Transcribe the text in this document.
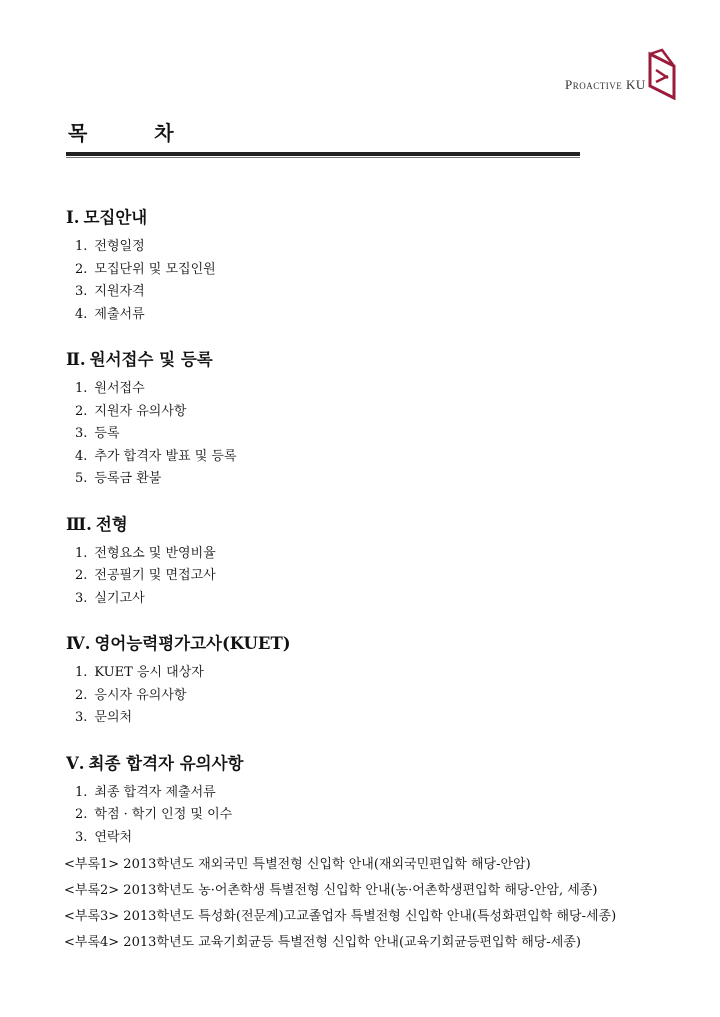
Proactive KU
목 차
Ⅰ. 모집안내
1. 전형일정
2. 모집단위 및 모집인원
3. 지원자격
4. 제출서류
Ⅱ. 원서접수 및 등록
1. 원서접수
2. 지원자 유의사항
3. 등록
4. 추가 합격자 발표 및 등록
5. 등록금 환불
Ⅲ. 전형
1. 전형요소 및 반영비율
2. 전공필기 및 면접고사
3. 실기고사
Ⅳ. 영어능력평가고사(KUET)
1. KUET 응시 대상자
2. 응시자 유의사항
3. 문의처
Ⅴ. 최종 합격자 유의사항
1. 최종 합격자 제출서류
2. 학점 · 학기 인정 및 이수
3. 연락처
<부록1> 2013학년도 재외국민 특별전형 신입학 안내(재외국민편입학 해당-안암)
<부록2> 2013학년도 농·어촌학생 특별전형 신입학 안내(농·어촌학생편입학 해당-안암, 세종)
<부록3> 2013학년도 특성화(전문계)고교졸업자 특별전형 신입학 안내(특성화편입학 해당-세종)
<부록4> 2013학년도 교육기회균등 특별전형 신입학 안내(교육기회균등편입학 해당-세종)
